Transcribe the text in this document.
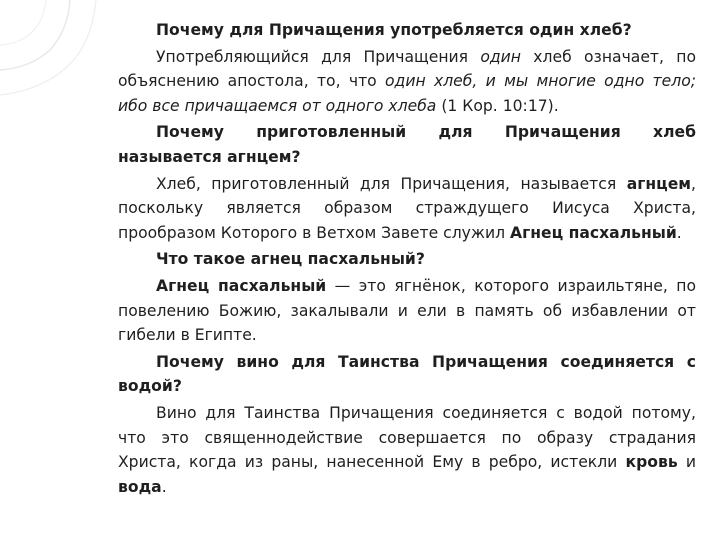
Почему для Причащения употребляется один хлеб?

Употребляющийся для Причащения один хлеб означает, по объяснению апостола, то, что один хлеб, и мы многие одно тело; ибо все причащаемся от одного хлеба (1 Кор. 10:17).

Почему приготовленный для Причащения хлеб называется агнцем?

Хлеб, приготовленный для Причащения, называется агнцем, поскольку является образом страждущего Иисуса Христа, прообразом Которого в Ветхом Завете служил Агнец пасхальный.

Что такое агнец пасхальный?

Агнец пасхальный — это ягнёнок, которого израильтяне, по повелению Божию, закалывали и ели в память об избавлении от гибели в Египте.

Почему вино для Таинства Причащения соединяется с водой?

Вино для Таинства Причащения соединяется с водой потому, что это священнодействие совершается по образу страдания Христа, когда из раны, нанесенной Ему в ребро, истекли кровь и вода.
